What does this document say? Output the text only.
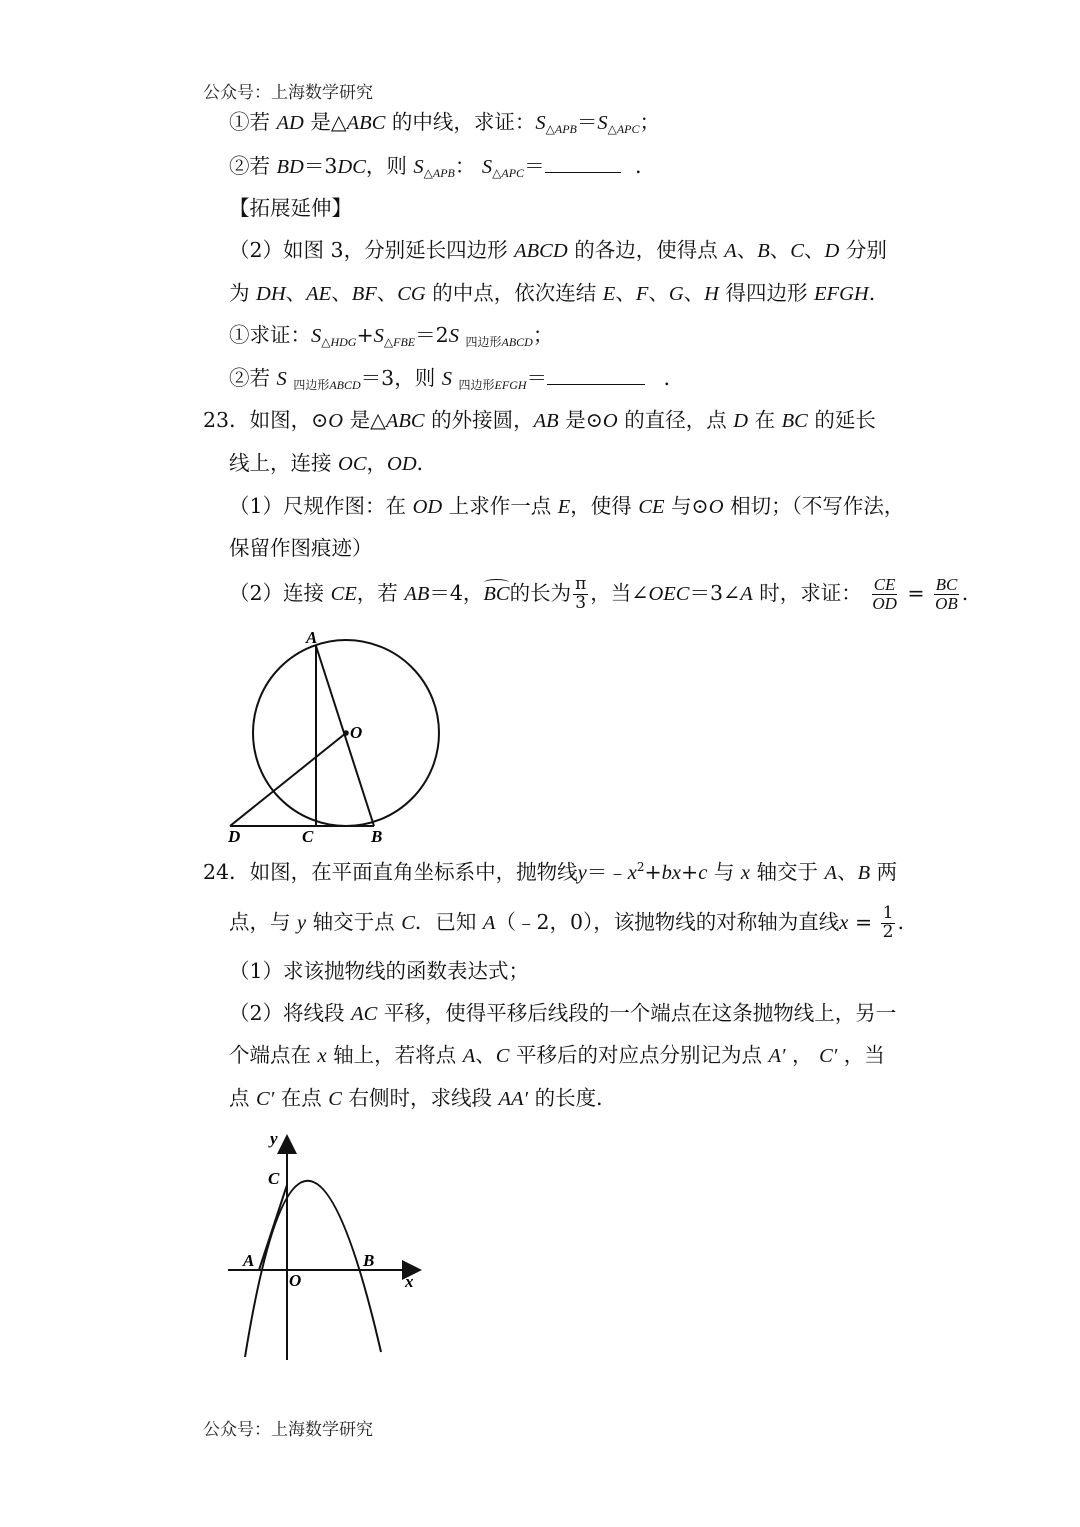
公众号：上海数学研究
①若 AD 是△ABC 的中线，求证：$S_{\triangle APB}=S_{\triangle APC}$；
②若 BD＝3DC，则 $S_{\triangle APB}$： $S_{\triangle APC}=$	．
【拓展延伸】
（2）如图 3，分别延长四边形 ABCD 的各边，使得点 A、B、C、D 分别
为 DH、AE、BF、CG 的中点，依次连结 E、F、G、H 得四边形 EFGH.
①求证：$S_{\triangle HDG}+S_{\triangle FBE}=2S$ $_{四边形ABCD}$；
②若 S $_{四边形ABCD}$＝3，则 S $_{四边形EFGH}$＝	．
23．如图，⊙O 是△ABC 的外接圆，AB 是⊙O 的直径，点 D 在 BC 的延长
线上，连接 OC，OD．
（1）尺规作图：在 OD 上求作一点 E，使得 CE 与⊙O 相切；（不写作法，
保留作图痕迹）
（2）连接 CE，若 AB＝4，BC的长为 $\frac{\pi}{3}$ ，当∠OEC＝3∠A 时，求证： $\frac{CE}{OD} = \frac{BC}{OB}$ .
A
O
D	C	B
24．如图，在平面直角坐标系中，抛物线$y=﹣x^2+bx+c$ 与 x 轴交于 A、B 两
点，与 y 轴交于点 C．已知 A（﹣2，0），该抛物线的对称轴为直线$x = \frac{1}{2}$ .
（1）求该抛物线的函数表达式；
（2）将线段 AC 平移，使得平移后线段的一个端点在这条抛物线上，另一
个端点在 x 轴上，若将点 A、C 平移后的对应点分别记为点 A′ ， C′ ，当
点 C′ 在点 C 右侧时，求线段 AA′ 的长度．
y
C
A	B
O	x
公众号：上海数学研究
